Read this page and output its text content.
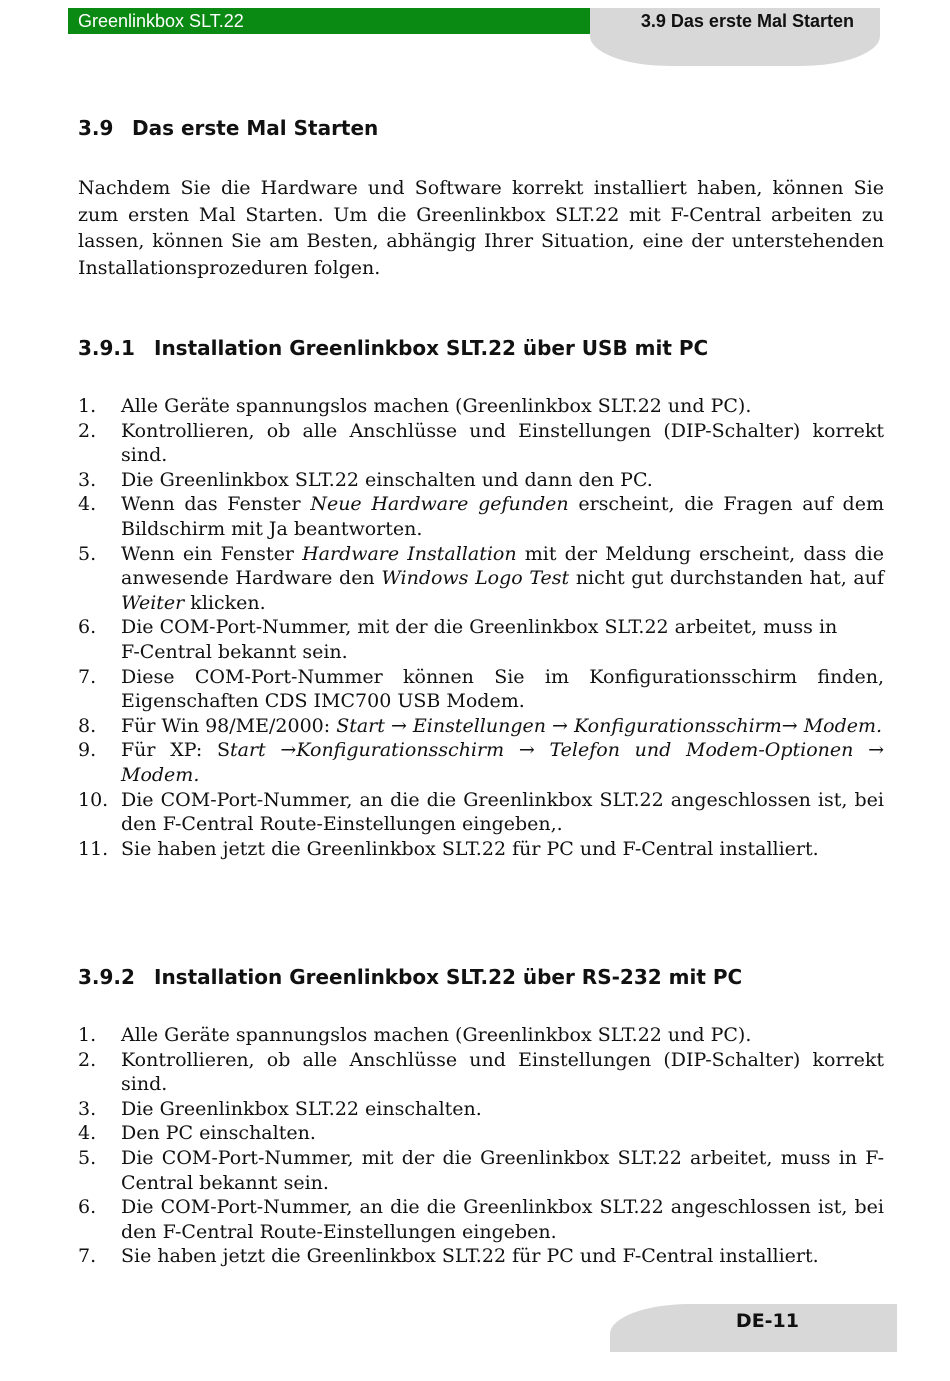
Greenlinkbox SLT.22	3.9 Das erste Mal Starten
3.9 Das erste Mal Starten
Nachdem Sie die Hardware und Software korrekt installiert haben, können Sie zum ersten Mal Starten. Um die Greenlinkbox SLT.22 mit F-Central arbeiten zu lassen, können Sie am Besten, abhängig Ihrer Situation, eine der unterstehenden Installationsprozeduren folgen.
3.9.1 Installation Greenlinkbox SLT.22 über USB mit PC
1. Alle Geräte spannungslos machen (Greenlinkbox SLT.22 und PC).
2. Kontrollieren, ob alle Anschlüsse und Einstellungen (DIP-Schalter) korrekt sind.
3. Die Greenlinkbox SLT.22 einschalten und dann den PC.
4. Wenn das Fenster Neue Hardware gefunden erscheint, die Fragen auf dem Bildschirm mit Ja beantworten.
5. Wenn ein Fenster Hardware Installation mit der Meldung erscheint, dass die anwesende Hardware den Windows Logo Test nicht gut durchstanden hat, auf Weiter klicken.
6. Die COM-Port-Nummer, mit der die Greenlinkbox SLT.22 arbeitet, muss in
F-Central bekannt sein.
7. Diese COM-Port-Nummer können Sie im Konfigurationsschirm finden, Eigenschaften CDS IMC700 USB Modem.
8. Für Win 98/ME/2000: Start → Einstellungen → Konfigurationsschirm→ Modem.
9. Für XP: Start →Konfigurationsschirm → Telefon und Modem-Optionen → Modem.
10. Die COM-Port-Nummer, an die die Greenlinkbox SLT.22 angeschlossen ist, bei den F-Central Route-Einstellungen eingeben,.
11. Sie haben jetzt die Greenlinkbox SLT.22 für PC und F-Central installiert.
3.9.2 Installation Greenlinkbox SLT.22 über RS-232 mit PC
1. Alle Geräte spannungslos machen (Greenlinkbox SLT.22 und PC).
2. Kontrollieren, ob alle Anschlüsse und Einstellungen (DIP-Schalter) korrekt sind.
3. Die Greenlinkbox SLT.22 einschalten.
4. Den PC einschalten.
5. Die COM-Port-Nummer, mit der die Greenlinkbox SLT.22 arbeitet, muss in F-Central bekannt sein.
6. Die COM-Port-Nummer, an die die Greenlinkbox SLT.22 angeschlossen ist, bei den F-Central Route-Einstellungen eingeben.
7. Sie haben jetzt die Greenlinkbox SLT.22 für PC und F-Central installiert.
DE-11
